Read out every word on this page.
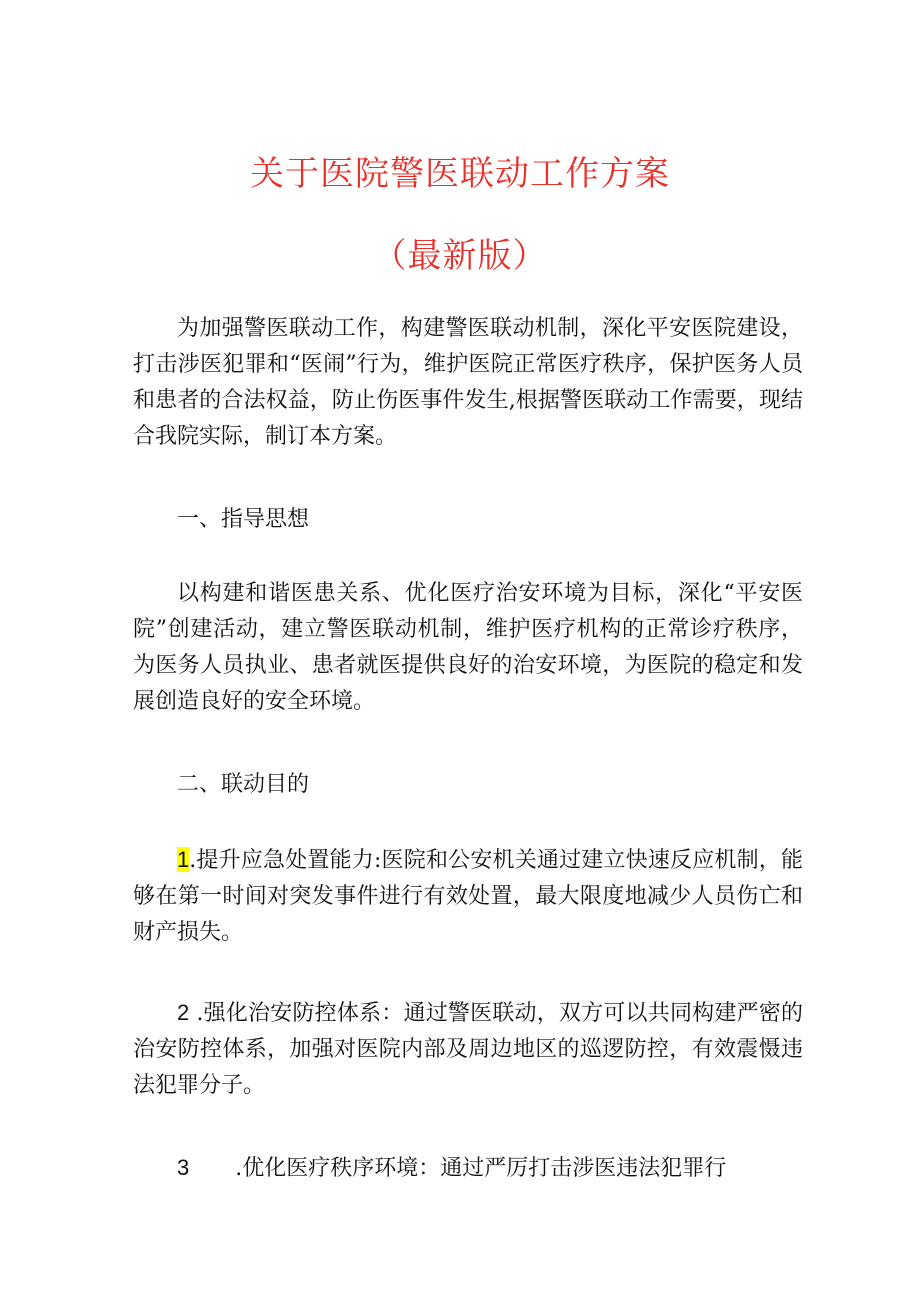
关于医院警医联动工作方案
（最新版）

为加强警医联动工作，构建警医联动机制，深化平安医院建设，打击涉医犯罪和“医闹”行为，维护医院正常医疗秩序，保护医务人员和患者的合法权益，防止伤医事件发生,根据警医联动工作需要，现结合我院实际，制订本方案。

一、指导思想

以构建和谐医患关系、优化医疗治安环境为目标，深化“平安医院”创建活动，建立警医联动机制，维护医疗机构的正常诊疗秩序，为医务人员执业、患者就医提供良好的治安环境，为医院的稳定和发展创造良好的安全环境。

二、联动目的

1.提升应急处置能力:医院和公安机关通过建立快速反应机制，能够在第一时间对突发事件进行有效处置，最大限度地减少人员伤亡和财产损失。

2 .强化治安防控体系：通过警医联动，双方可以共同构建严密的治安防控体系，加强对医院内部及周边地区的巡逻防控，有效震慑违法犯罪分子。

3 .优化医疗秩序环境：通过严厉打击涉医违法犯罪行
